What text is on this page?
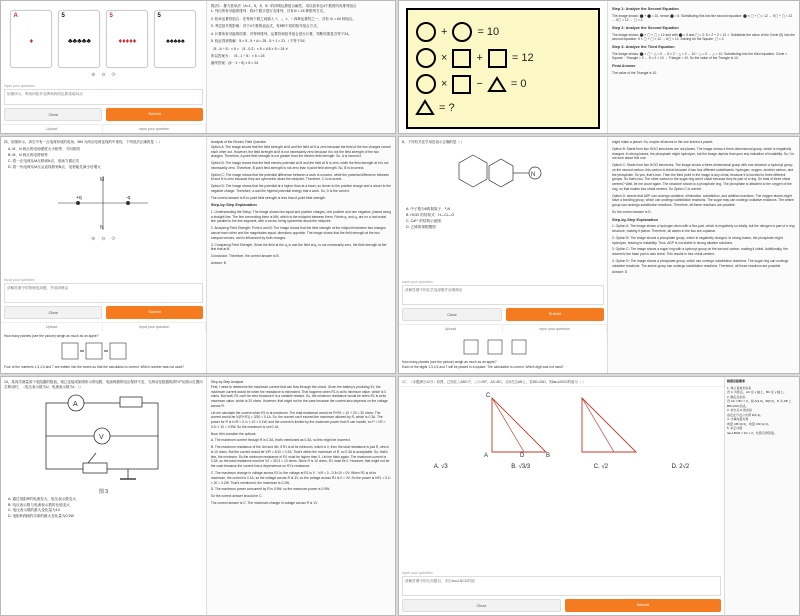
A
♦
5
♣♣♣♣♣
5
♦♦♦♦♦
5
♠♠♠♠♠
⊕ ⊖ ⟳
Input your question
如图所示，利用四张扑克牌和四则运算凑成24点
Clear	Submit
Upload	Input your question
算法1：暴力枚举法（A=1，5，5，5）的四则运算组合解答，用以枚举这4个数的所有排列组合

1. 列出所有可能的排列：将4个数字进行全排列，共有4! = 24 种排列方式。

2. 枚举运算符组合：在每两个数之间插入 +、-、×、÷ 四种运算符之一，共有 4³ = 64 种组合。

3. 考虑括号的影响：对于4个数的表达式，有5种不同的括号组合方式。

4. 计算所有可能的结果：对每种排列、运算符和括号组合进行计算，判断结果是否等于24。

5. 验证得到的解：5 × 5 - 5 + A = 25 - 5 + 1 = 21 （不等于24）

（5 - A ÷ 5）× 5 = （5 - 0.2）× 5 = 4.8 × 5 = 24 ✔

所以答案为：（5 - 1 ÷ 5）× 5 = 24

最终答案：(5 − 1 ÷ 5) × 5 = 24

四、如图所示，真空中有一点电荷形成的电场，MN 为两点电荷连线的中垂线，下列说法正确的是（ ）
A. M、N 两点的电场强度大小相等、方向相同
B. M、N 两点的电势相等
C. 将一正电荷从M点移到N点，电场力做正功
D. 将一负电荷从M点沿直线移到N点，电势能先减小后增大
+q	-q
M
N
⊕ ⊖ ⟳
Input your question
请解答图中的物理选择题，并说明理由
Clear	Submit
Upload	Input your question
How many planets (see the picture) weigh as much as an apple?
Four of the numbers 1,3,4,5 and 7 are written into the boxes so that the calculation is correct. Which number was not used?
Analysis of the Electric Field Question

Option A: The image shows that the field strength at M and the field at N is zero because the field of the two charges cancel each other out. However, the field strength at M is not necessarily zero because it is not the field strength of the two charges. Therefore, A point field strength is not greater than the electric field strength. So, A is incorrect.

Option B: The image shows that the field electric potential at M and the field at N is zero, while the field strength at it is not necessarily zero. Therefore, B point field strength is not zero than it point field strength. So, B is incorrect.

Option C: The image shows that the potential difference between a work is nonzero, while the potential difference between M and N is zero because they are symmetric about the midpoint. Therefore, C is incorrect.

Option D: The image shows that the potential at a higher than at a lower, so closer to the positive charge and a closer to the negative charge. Therefore, a and the highest potential energy that a work. So, D is the correct.

The correct answer is B to point field strength is less than A point field strength.

Step-by-Step Explanation

1. Understanding the Setup: The image shows two equal and positive charges, one positive and one negative, placed along a straight line. The line connecting them is MN, which is the midpoint between them. Points q₁ and q₂ are on a horizontal line parallel to the line segment, with a vector, being symmetric about the midpoint.

2. Analyzing Field Strength: Point A and B: The image shows that the field strength at the midpoint between two charges cancel each other and the magnitudes equal, directions opposite. The image shows that the field strength at the two unequal vectors, and is influenced by both charges.

3. Comparing Field Strength: Since the field at the q₁ is and the field at q₂ is not necessarily zero, the field strength at the first that at B.

Conclusion: Therefore, the correct answer is B.

Answer: B

10、某同学测量某个电阻器的阻值，现已连接成如图所示的电路，电源两端的电压保持不变，当滑动变阻器的滑片P从图示位置向左移动时，（电压表示数为U，电流表示数为I）（）
A
V
图 3
A. 通过电阻R的电流变大，电压表示数变大
B. 电压表示数与电流表示数的比值变大
C. 电压表示数的最大变化量为1V
D. 电阻R消耗的功率的最大变化量为0.2W
Step-by-Step Analysis

First, I need to determine the maximum current that can flow through the circuit. Given the battery's providing 3V, the maximum current would be when the resistance is minimized. That happens when R1 is at its minimum value, which is 0 ohms. But wait, R1 can't be zero because it is a variable resistor. So, the minimum resistance would be when R1 is at its maximum value, which is 20 ohms. However, that might not be the case because the current also depends on the voltage across R.

Let me calculate the current when R1 is at maximum. The total resistance would be R+R1 = 10 + 20 = 30 ohms. The current would be V/(R+R1) = 3/30 = 0.1A. So, the current can't exceed the maximum allowed by R, which is 0.3A. The power for R is I²×R = 0.1² × 10 = 0.1W, and the current is limited by the maximum power that R can handle, so P = I²R = 0.3² × 10 = 0.9W. So the maximum is not 0.1A.

Now, let's consider the options:

A. The maximum current through R is 0.3A, that's mentioned as 0.3A, so this might be incorrect.

B. The maximum resistance of the 3rd and 4th, if R1 is at its minimum, which is 0, then the total resistance is just R, which is 10 ohms. But the current would be V/R = 3/10 = 0.3A. That's within the maximum of R, so 0.3A is acceptable. So, that's fine, the minimum. So the minimum resistance of R1 must be higher than 0. Let me think again. The maximum current is 0.3A, so the total resistance must be V/I = 3/0.3 = 10 ohms. Since R is 10 ohms, R1 must be 0. However, that might not be the case because the current has a dependence on R1's resistance.

C. The maximum change in voltage across R1 is: the voltage at R1 is V - I×R = 3 - 0.3×10 = 0V. When R1 is at its maximum, the current is 0.1A, so the voltage across R is 3V, so the voltage across R1 is 0 = 3V. So the power is I²R1 = 0.1² × 20 = 0.2W. That's mentioned, the maximum is 0.2W.

D. The maximum power consumed by R is 0.9W, so the maximum power is 0.9W.

So the correct answer should be C.

The correct answer is C. The maximum change in voltage across R is 1V.

+	= 10
×	+	= 12
×	−	= 0
= ?
Step 1: Analyze the Second Equation

The image shows: ⬤ + ⬤ = 10, hence ⬤ = 5. Substituting this into the second equation: ⬤ × ▢ + ▢ = 12 → 5▢ + ▢ = 12 → 6▢ = 12 → ▢ = 2.

Step 2: Analyze the Second Equation

The image shows: ⬤ × ▢ + ▢ = 12 and with ⬤ = 5 and ▢ = 2: 5 × 2 + 2 = 12 ✓ Substitute the value of the Circle (5) into the second equation: 5 × ▢ + ▢ = 12 → 6▢ = 12. Solving for the Square: ▢ = 2.

Step 3: Analyze the Third Equation

The image shows: ⬤ × ▢ − △ = 0 → 5 × 2 − △ = 0 → 10 − △ = 0 → △ = 10. Substituting into the third equation: Circle × Square − Triangle = 0 → 5 × 2 = 10 → Triangle = 10. So the value of the Triangle is 10.

Final Answer

The value of the Triangle is 10.

8、下列有关化学用语表示正确的是（ ）
N
A. 中子数为8的氮原子：⁸₇N
B. HClO 的结构式：H—Cl—O
C. Ca²⁺ 的结构示意图：
D. 乙烯的球棍模型：
Input your question
请解答图中的化学选择题并说明理由
Clear	Submit
Upload	Input your question
How many planets (see the picture) weigh as much as an apple?
Each of the digits 1,3,4,5 and 7 will be placed in a square. The calculation is correct. Which digit was not used?

might make a planet. So, maybe all atoms in the one indeed a planet.

Option B: Starts from two HClO structures are not planes. The image shows a three-dimensional group, which is negatively charged. In strong bases, the phosphate might hydrolyze, but the image depicts that upon any indication of instability. So, I'm not sure about this one.

Option C: Starts from two HClO structures. The image shows a three-dimensional group with one structure a hydroxyl group on the second carbon, this carbon is chiral because it has four different substituents: hydrogen, oxygen, another carbon, and the phosphate. So yes, that's true. Then the third point in the image is any chiral, because it is bonded to three different groups. So that's two. The other carbon in the sugar ring aren't chiral because they lie part of a ring. So total of three chiral centers? Wait, let me count again. The structure shown is a phosphate ring. The phosphate is attached to the oxygen of the ring, so that makes four chiral centers. So Option C is correct.

Option D: seems that ADP can undergo oxidative, elimination, substitution, and addition reactions. The oxygen atoms might have a bonding group, which can undergo substitution reactions. The sugar may can undergo oxidative reactions. The amine group can undergo substitution reactions. Therefore, all these reactions are possible.

So the correct answer is D.

Step-by-Step Explanation

1. Option A: The image shows a hydrogen atom with a five-part, which is negatively so totally, but the nitrogen is part of a ring structure, making it planar. Therefore, all atoms in the two are coplanar.

2. Option B: The image shows a phosphate group, which is negatively charged. In strong bases, the phosphate might hydrolyze, leading to instability. Thus, ADP is not stable in strong alkaline solutions.

3. Option C: The image shows a sugar ring with a hydroxyl group on the second carbon, making it chiral. Additionally, the anomeric the base part is also chiral. This results in four chiral centers.

4. Option D: The image shows a phosphate group, which can undergo substitution reactions. The sugar ring can undergo oxidative reactions. The amine group can undergo substitution reactions. Therefore, all these reactions are possible.

Answer: D

17、（本题满分12分）如图，已知在△ABC中，∠C=90°，AC=BC，点D在边AB上，若BD=2AD，则tan∠BCD的值为（ ）
C
A	B
D
A. √3	B. √3/3	C. √2	D. 2√2
Input your question
请解答图中的几何题目，求出tan∠BCD的值
Clear	Submit
解题思路概要
1. 建立直角坐标系
设 C 为原点，AC 在 x 轴上，BC 在 y 轴上。
2. 确定点坐标
设 AC = BC = 3，则 A(3,0)，B(0,3)，D 为 AB 上 BD=2AD 的点。
3. 求出点 D 的坐标
由定比分点公式得 D(2,1)。
4. 计算向量夹角
向量 CB=(0,3)，向量 CD=(2,1)。
5. 求正切值
tan∠BCD = 2/1 = 2，化简可得答案。
